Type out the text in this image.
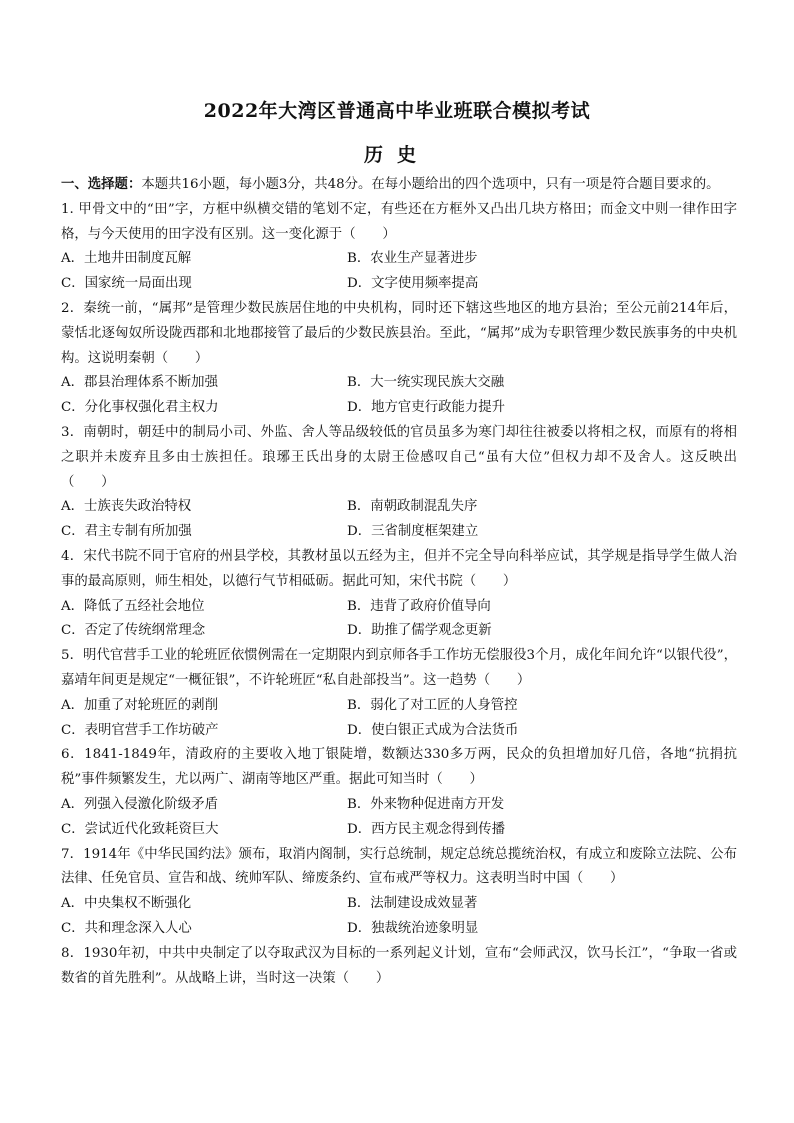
2022年大湾区普通高中毕业班联合模拟考试
历史
一、选择题：本题共16小题，每小题3分，共48分。在每小题给出的四个选项中，只有一项是符合题目要求的。
1. 甲骨文中的“田”字，方框中纵横交错的笔划不定，有些还在方框外又凸出几块方格田；而金文中则一律作田字格，与今天使用的田字没有区别。这一变化源于（　　）
A．土地井田制度瓦解	B．农业生产显著进步
C．国家统一局面出现	D．文字使用频率提高
2．秦统一前，“属邦”是管理少数民族居住地的中央机构，同时还下辖这些地区的地方县治；至公元前214年后，蒙恬北逐匈奴所设陇西郡和北地郡接管了最后的少数民族县治。至此，“属邦”成为专职管理少数民族事务的中央机构。这说明秦朝（　　）
A．郡县治理体系不断加强	B．大一统实现民族大交融
C．分化事权强化君主权力	D．地方官吏行政能力提升
3．南朝时，朝廷中的制局小司、外监、舍人等品级较低的官员虽多为寒门却往往被委以将相之权，而原有的将相之职并未废弃且多由士族担任。琅琊王氏出身的太尉王俭感叹自己“虽有大位”但权力却不及舍人。这反映出（　　）
A．士族丧失政治特权	B．南朝政制混乱失序
C．君主专制有所加强	D．三省制度框架建立
4．宋代书院不同于官府的州县学校，其教材虽以五经为主，但并不完全导向科举应试，其学规是指导学生做人治事的最高原则，师生相处，以德行气节相砥砺。据此可知，宋代书院（　　）
A．降低了五经社会地位	B．违背了政府价值导向
C．否定了传统纲常理念	D．助推了儒学观念更新
5．明代官营手工业的轮班匠依惯例需在一定期限内到京师各手工作坊无偿服役3个月，成化年间允许“以银代役”，嘉靖年间更是规定“一概征银”，不许轮班匠“私自赴部投当”。这一趋势（　　）
A．加重了对轮班匠的剥削	B．弱化了对工匠的人身管控
C．表明官营手工作坊破产	D．使白银正式成为合法货币
6．1841-1849年，清政府的主要收入地丁银陡增，数额达330多万两，民众的负担增加好几倍，各地“抗捐抗税”事件频繁发生，尤以两广、湖南等地区严重。据此可知当时（　　）
A．列强入侵激化阶级矛盾	B．外来物种促进南方开发
C．尝试近代化致耗资巨大	D．西方民主观念得到传播
7．1914年《中华民国约法》颁布，取消内阁制，实行总统制，规定总统总揽统治权，有成立和废除立法院、公布法律、任免官员、宣告和战、统帅军队、缔废条约、宣布戒严等权力。这表明当时中国（　　）
A．中央集权不断强化	B．法制建设成效显著
C．共和理念深入人心	D．独裁统治迹象明显
8．1930年初，中共中央制定了以夺取武汉为目标的一系列起义计划，宣布“会师武汉，饮马长江”，“争取一省或数省的首先胜利”。从战略上讲，当时这一决策（　　）
